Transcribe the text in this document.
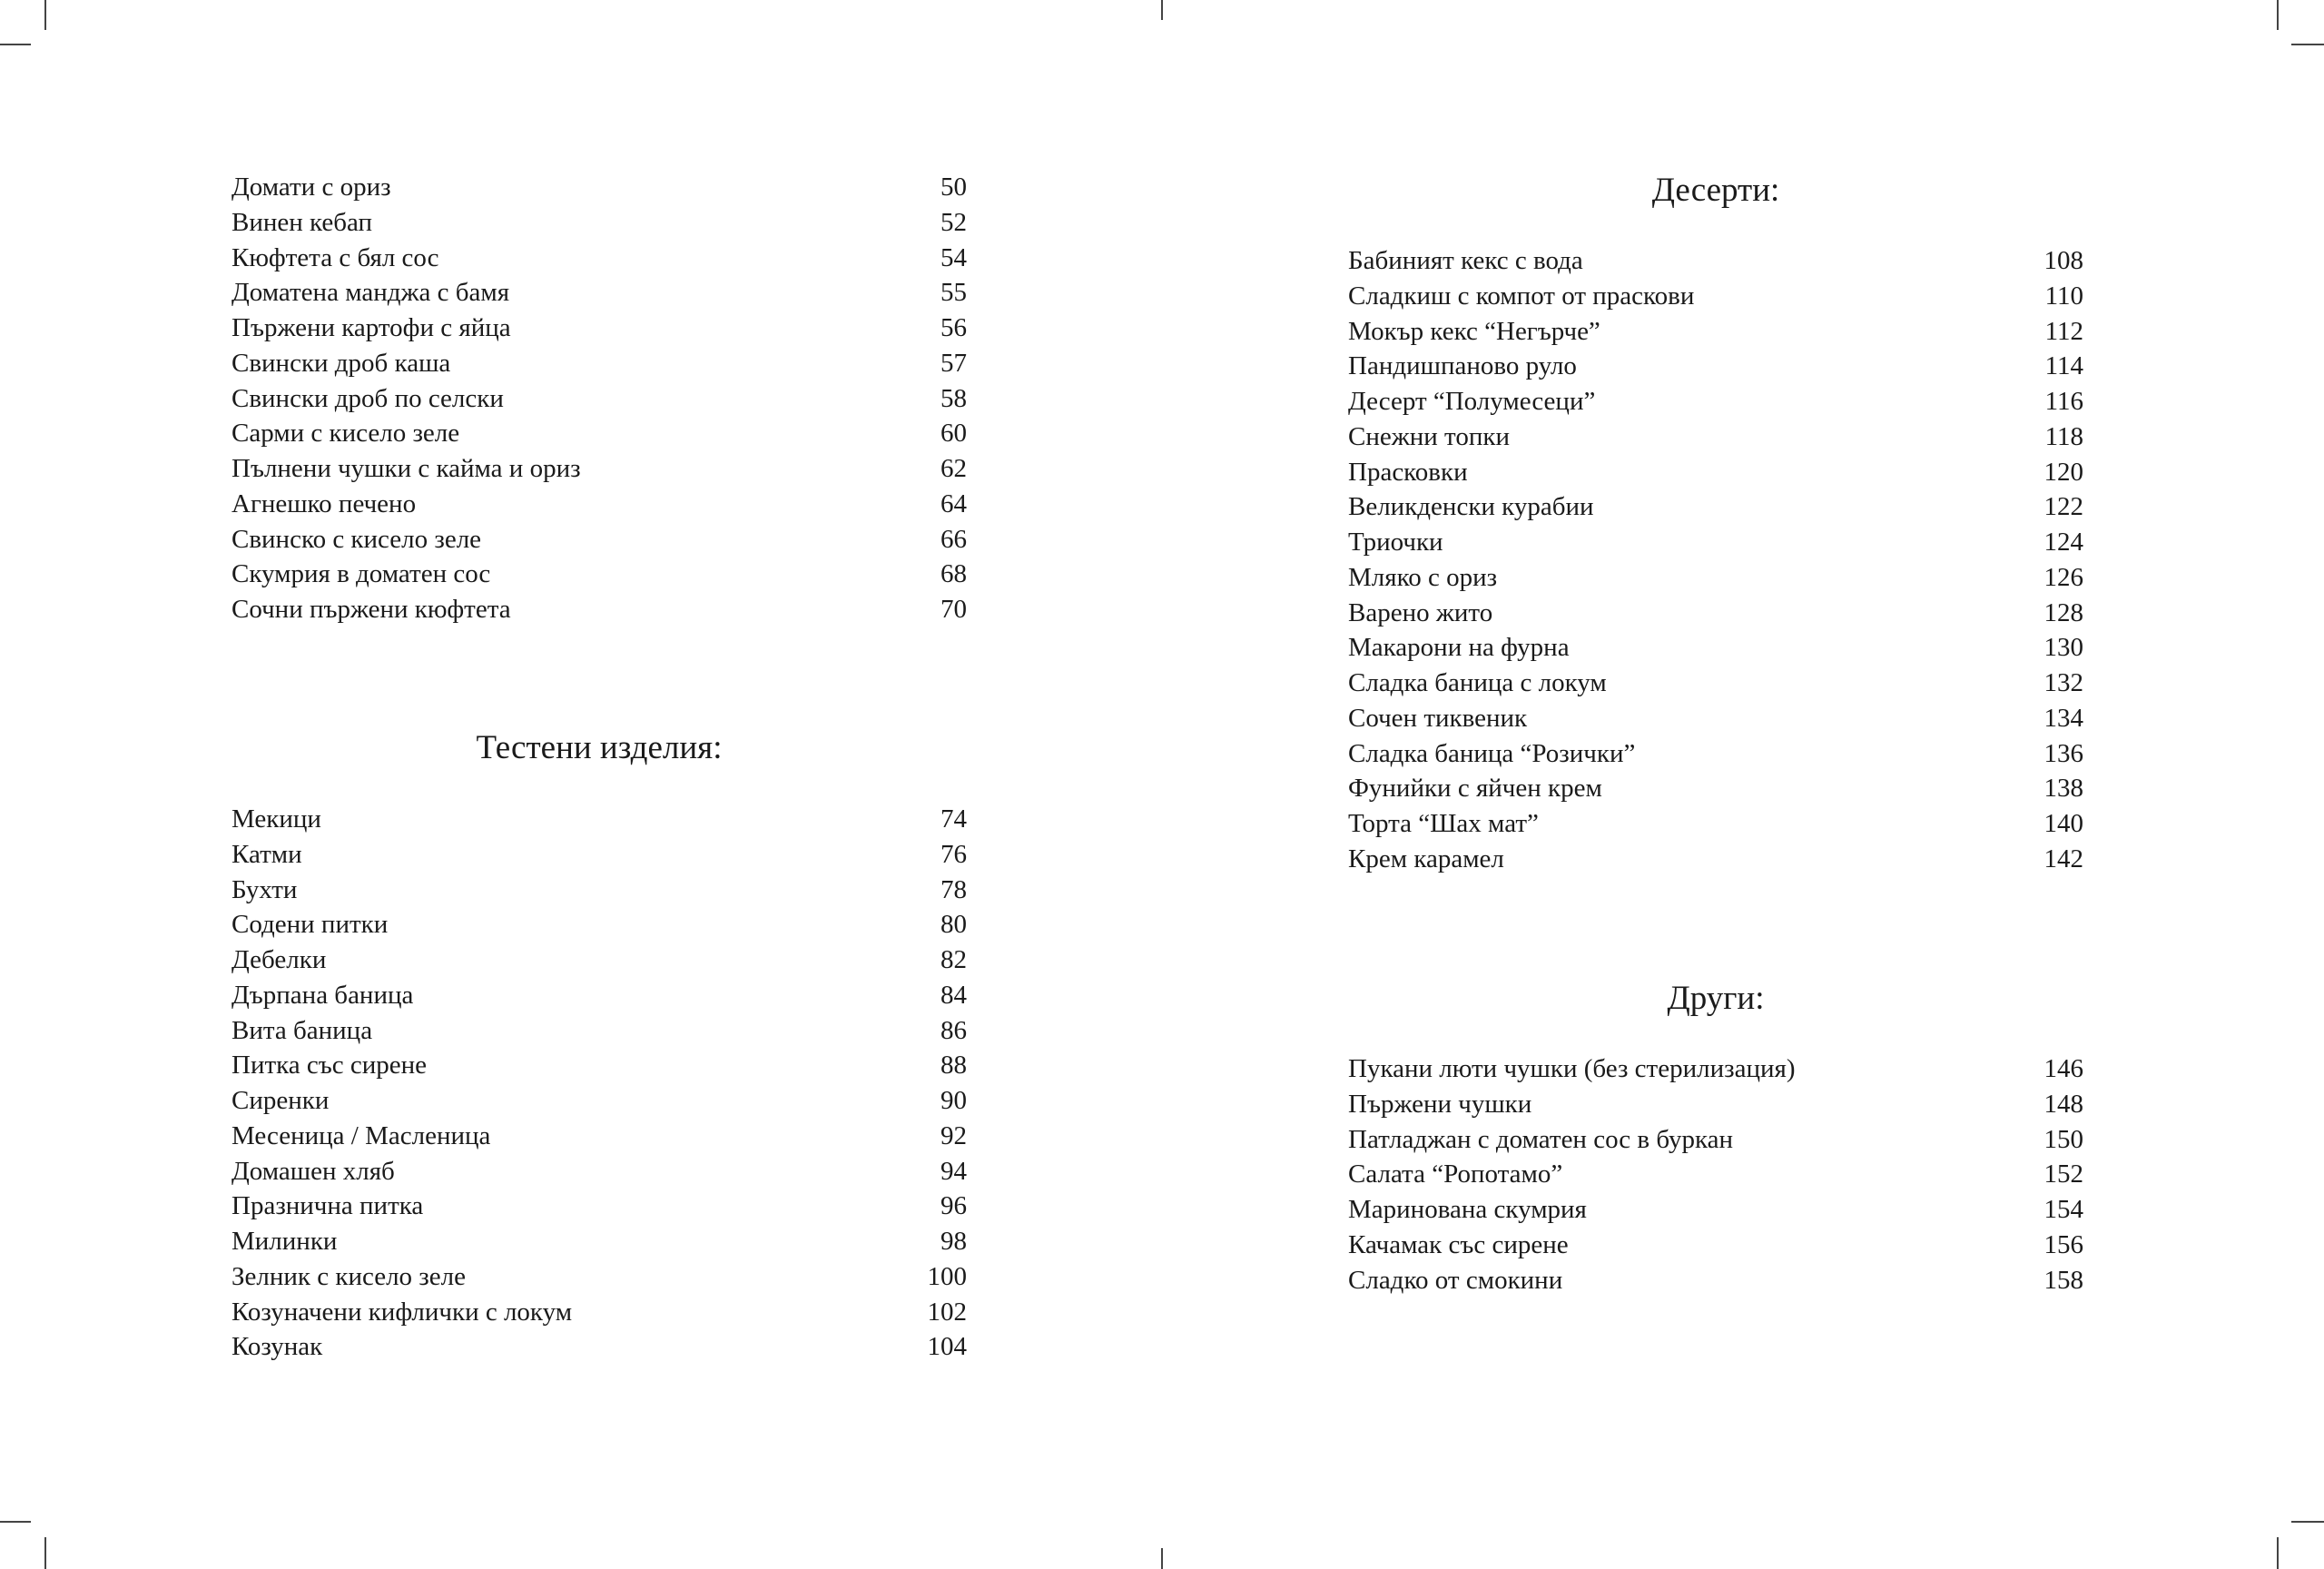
Домати с ориз	50
Винен кебап	52
Кюфтета с бял сос	54
Доматена манджа с бамя	55
Пържени картофи с яйца	56
Свински дроб каша	57
Свински дроб по селски	58
Сарми с кисело зеле	60
Пълнени чушки с кайма и ориз	62
Агнешко печено	64
Свинско с кисело зеле	66
Скумрия в доматен сос	68
Сочни пържени кюфтета	70
Тестени изделия:
Мекици	74
Катми	76
Бухти	78
Содени питки	80
Дебелки	82
Дърпана баница	84
Вита баница	86
Питка със сирене	88
Сиренки	90
Месеница / Масленица	92
Домашен хляб	94
Празнична питка	96
Милинки	98
Зелник с кисело зеле	100
Козуначени кифлички с локум	102
Козунак	104
Десерти:
Бабиният кекс с вода	108
Сладкиш с компот от праскови	110
Мокър кекс “Негърче”	112
Пандишпаново руло	114
Десерт “Полумесеци”	116
Снежни топки	118
Прасковки	120
Великденски курабии	122
Триочки	124
Мляко с ориз	126
Варено жито	128
Макарони на фурна	130
Сладка баница с локум	132
Сочен тиквеник	134
Сладка баница “Розички”	136
Фунийки с яйчен крем	138
Торта “Шах мат”	140
Крем карамел	142
Други:
Пукани люти чушки (без стерилизация)	146
Пържени чушки	148
Патладжан с доматен сос в буркан	150
Салата “Ропотамо”	152
Маринована скумрия	154
Качамак със сирене	156
Сладко от смокини	158
